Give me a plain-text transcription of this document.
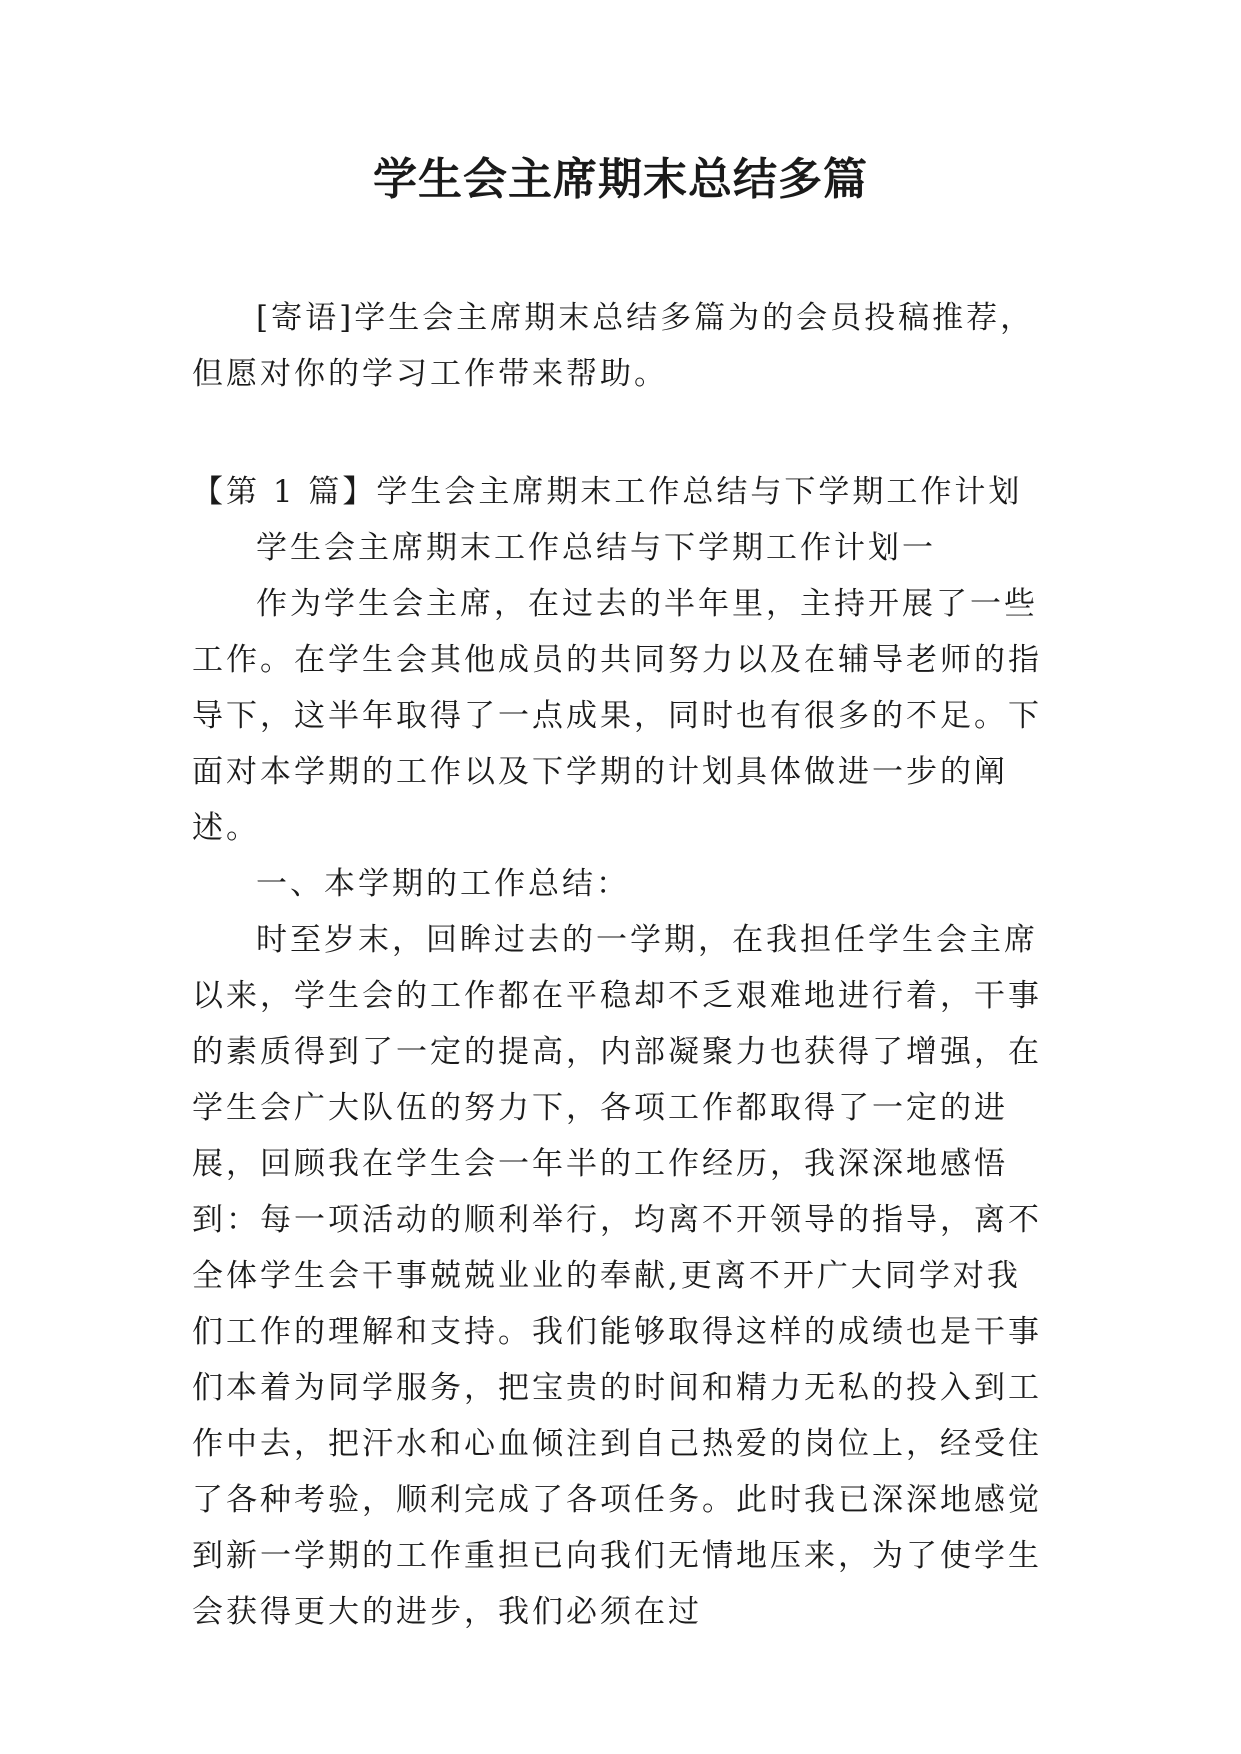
学生会主席期末总结多篇

[寄语]学生会主席期末总结多篇为的会员投稿推荐，但愿对你的学习工作带来帮助。

【第 1 篇】学生会主席期末工作总结与下学期工作计划

学生会主席期末工作总结与下学期工作计划一

作为学生会主席，在过去的半年里，主持开展了一些工作。在学生会其他成员的共同努力以及在辅导老师的指导下，这半年取得了一点成果，同时也有很多的不足。下面对本学期的工作以及下学期的计划具体做进一步的阐述。

一、本学期的工作总结：

时至岁末，回眸过去的一学期，在我担任学生会主席以来，学生会的工作都在平稳却不乏艰难地进行着，干事的素质得到了一定的提高，内部凝聚力也获得了增强，在学生会广大队伍的努力下，各项工作都取得了一定的进展，回顾我在学生会一年半的工作经历，我深深地感悟到：每一项活动的顺利举行，均离不开领导的指导，离不全体学生会干事兢兢业业的奉献,更离不开广大同学对我们工作的理解和支持。我们能够取得这样的成绩也是干事们本着为同学服务，把宝贵的时间和精力无私的投入到工作中去，把汗水和心血倾注到自己热爱的岗位上，经受住了各种考验，顺利完成了各项任务。此时我已深深地感觉到新一学期的工作重担已向我们无情地压来，为了使学生会获得更大的进步，我们必须在过
